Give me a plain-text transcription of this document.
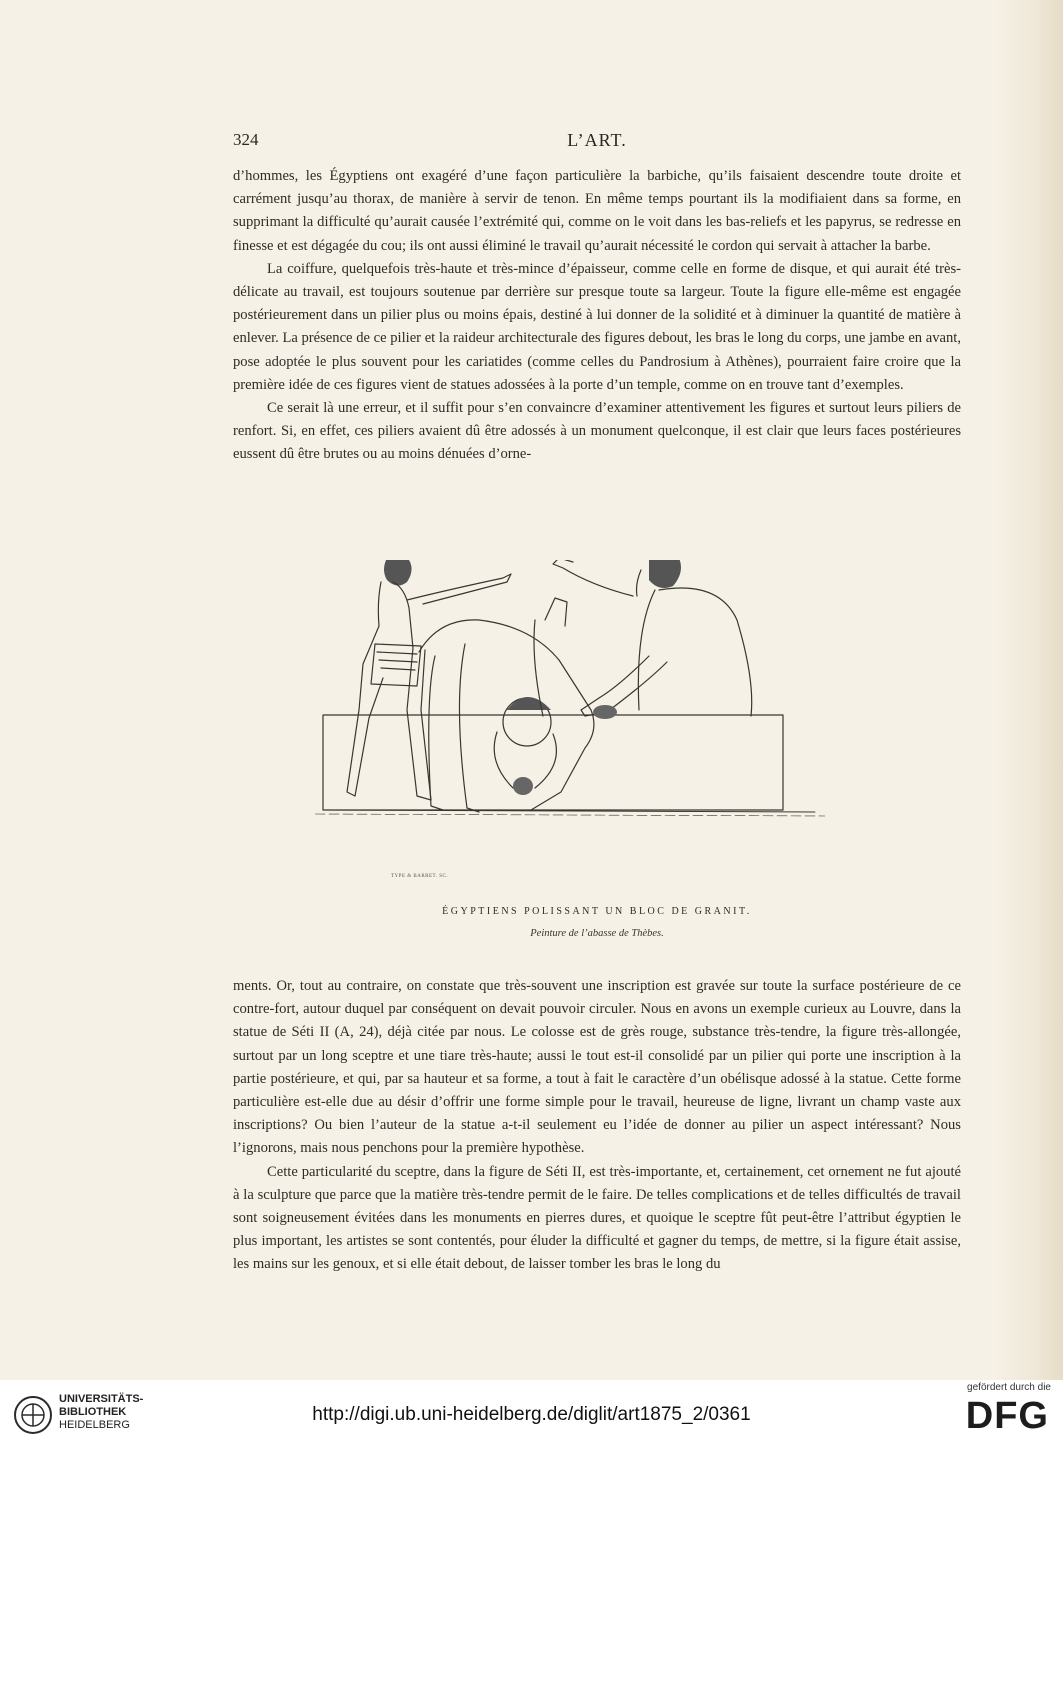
324	L’ART.

d’hommes, les Égyptiens ont exagéré d’une façon particulière la barbiche, qu’ils faisaient descendre toute droite et carrément jusqu’au thorax, de manière à servir de tenon. En même temps pourtant ils la modifiaient dans sa forme, en supprimant la difficulté qu’aurait causée l’extrémité qui, comme on le voit dans les bas-reliefs et les papyrus, se redresse en finesse et est dégagée du cou; ils ont aussi éliminé le travail qu’aurait nécessité le cordon qui servait à attacher la barbe.

La coiffure, quelquefois très-haute et très-mince d’épaisseur, comme celle en forme de disque, et qui aurait été très-délicate au travail, est toujours soutenue par derrière sur presque toute sa largeur. Toute la figure elle-même est engagée postérieurement dans un pilier plus ou moins épais, destiné à lui donner de la solidité et à diminuer la quantité de matière à enlever. La présence de ce pilier et la raideur architecturale des figures debout, les bras le long du corps, une jambe en avant, pose adoptée le plus souvent pour les cariatides (comme celles du Pandrosium à Athènes), pourraient faire croire que la première idée de ces figures vient de statues adossées à la porte d’un temple, comme on en trouve tant d’exemples.

Ce serait là une erreur, et il suffit pour s’en convaincre d’examiner attentivement les figures et surtout leurs piliers de renfort. Si, en effet, ces piliers avaient dû être adossés à un monument quelconque, il est clair que leurs faces postérieures eussent dû être brutes ou au moins dénuées d’orne-

TYPE & BARRET. SC.
ÉGYPTIENS POLISSANT UN BLOC DE GRANIT.
Peinture de l’abasse de Thèbes.

ments. Or, tout au contraire, on constate que très-souvent une inscription est gravée sur toute la surface postérieure de ce contre-fort, autour duquel par conséquent on devait pouvoir circuler. Nous en avons un exemple curieux au Louvre, dans la statue de Séti II (A, 24), déjà citée par nous. Le colosse est de grès rouge, substance très-tendre, la figure très-allongée, surtout par un long sceptre et une tiare très-haute; aussi le tout est-il consolidé par un pilier qui porte une inscription à la partie postérieure, et qui, par sa hauteur et sa forme, a tout à fait le caractère d’un obélisque adossé à la statue. Cette forme particulière est-elle due au désir d’offrir une forme simple pour le travail, heureuse de ligne, livrant un champ vaste aux inscriptions? Ou bien l’auteur de la statue a-t-il seulement eu l’idée de donner au pilier un aspect intéressant? Nous l’ignorons, mais nous penchons pour la première hypothèse.

Cette particularité du sceptre, dans la figure de Séti II, est très-importante, et, certainement, cet ornement ne fut ajouté à la sculpture que parce que la matière très-tendre permit de le faire. De telles complications et de telles difficultés de travail sont soigneusement évitées dans les monuments en pierres dures, et quoique le sceptre fût peut-être l’attribut égyptien le plus important, les artistes se sont contentés, pour éluder la difficulté et gagner du temps, de mettre, si la figure était assise, les mains sur les genoux, et si elle était debout, de laisser tomber les bras le long du

UNIVERSITÄTS-
BIBLIOTHEK
HEIDELBERG	http://digi.ub.uni-heidelberg.de/diglit/art1875_2/0361
gefördert durch die
DFG
